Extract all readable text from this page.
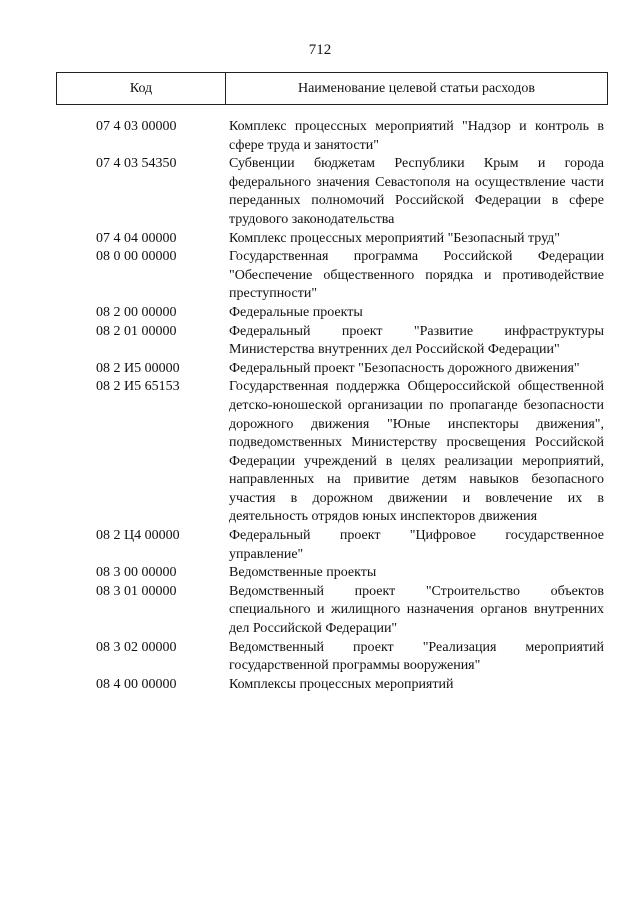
712
Код	Наименование целевой статьи расходов
07 4 03 00000	Комплекс процессных мероприятий "Надзор и контроль в сфере труда и занятости"
07 4 03 54350	Субвенции бюджетам Республики Крым и города федерального значения Севастополя на осуществление части переданных полномочий Российской Федерации в сфере трудового законодательства
07 4 04 00000	Комплекс процессных мероприятий "Безопасный труд"
08 0 00 00000	Государственная программа Российской Федерации "Обеспечение общественного порядка и противодействие преступности"
08 2 00 00000	Федеральные проекты
08 2 01 00000	Федеральный проект "Развитие инфраструктуры Министерства внутренних дел Российской Федерации"
08 2 И5 00000	Федеральный проект "Безопасность дорожного движения"
08 2 И5 65153	Государственная поддержка Общероссийской общественной детско-юношеской организации по пропаганде безопасности дорожного движения "Юные инспекторы движения", подведомственных Министерству просвещения Российской Федерации учреждений в целях реализации мероприятий, направленных на привитие детям навыков безопасного участия в дорожном движении и вовлечение их в деятельность отрядов юных инспекторов движения
08 2 Ц4 00000	Федеральный проект "Цифровое государственное управление"
08 3 00 00000	Ведомственные проекты
08 3 01 00000	Ведомственный проект "Строительство объектов специального и жилищного назначения органов внутренних дел Российской Федерации"
08 3 02 00000	Ведомственный проект "Реализация мероприятий государственной программы вооружения"
08 4 00 00000	Комплексы процессных мероприятий
